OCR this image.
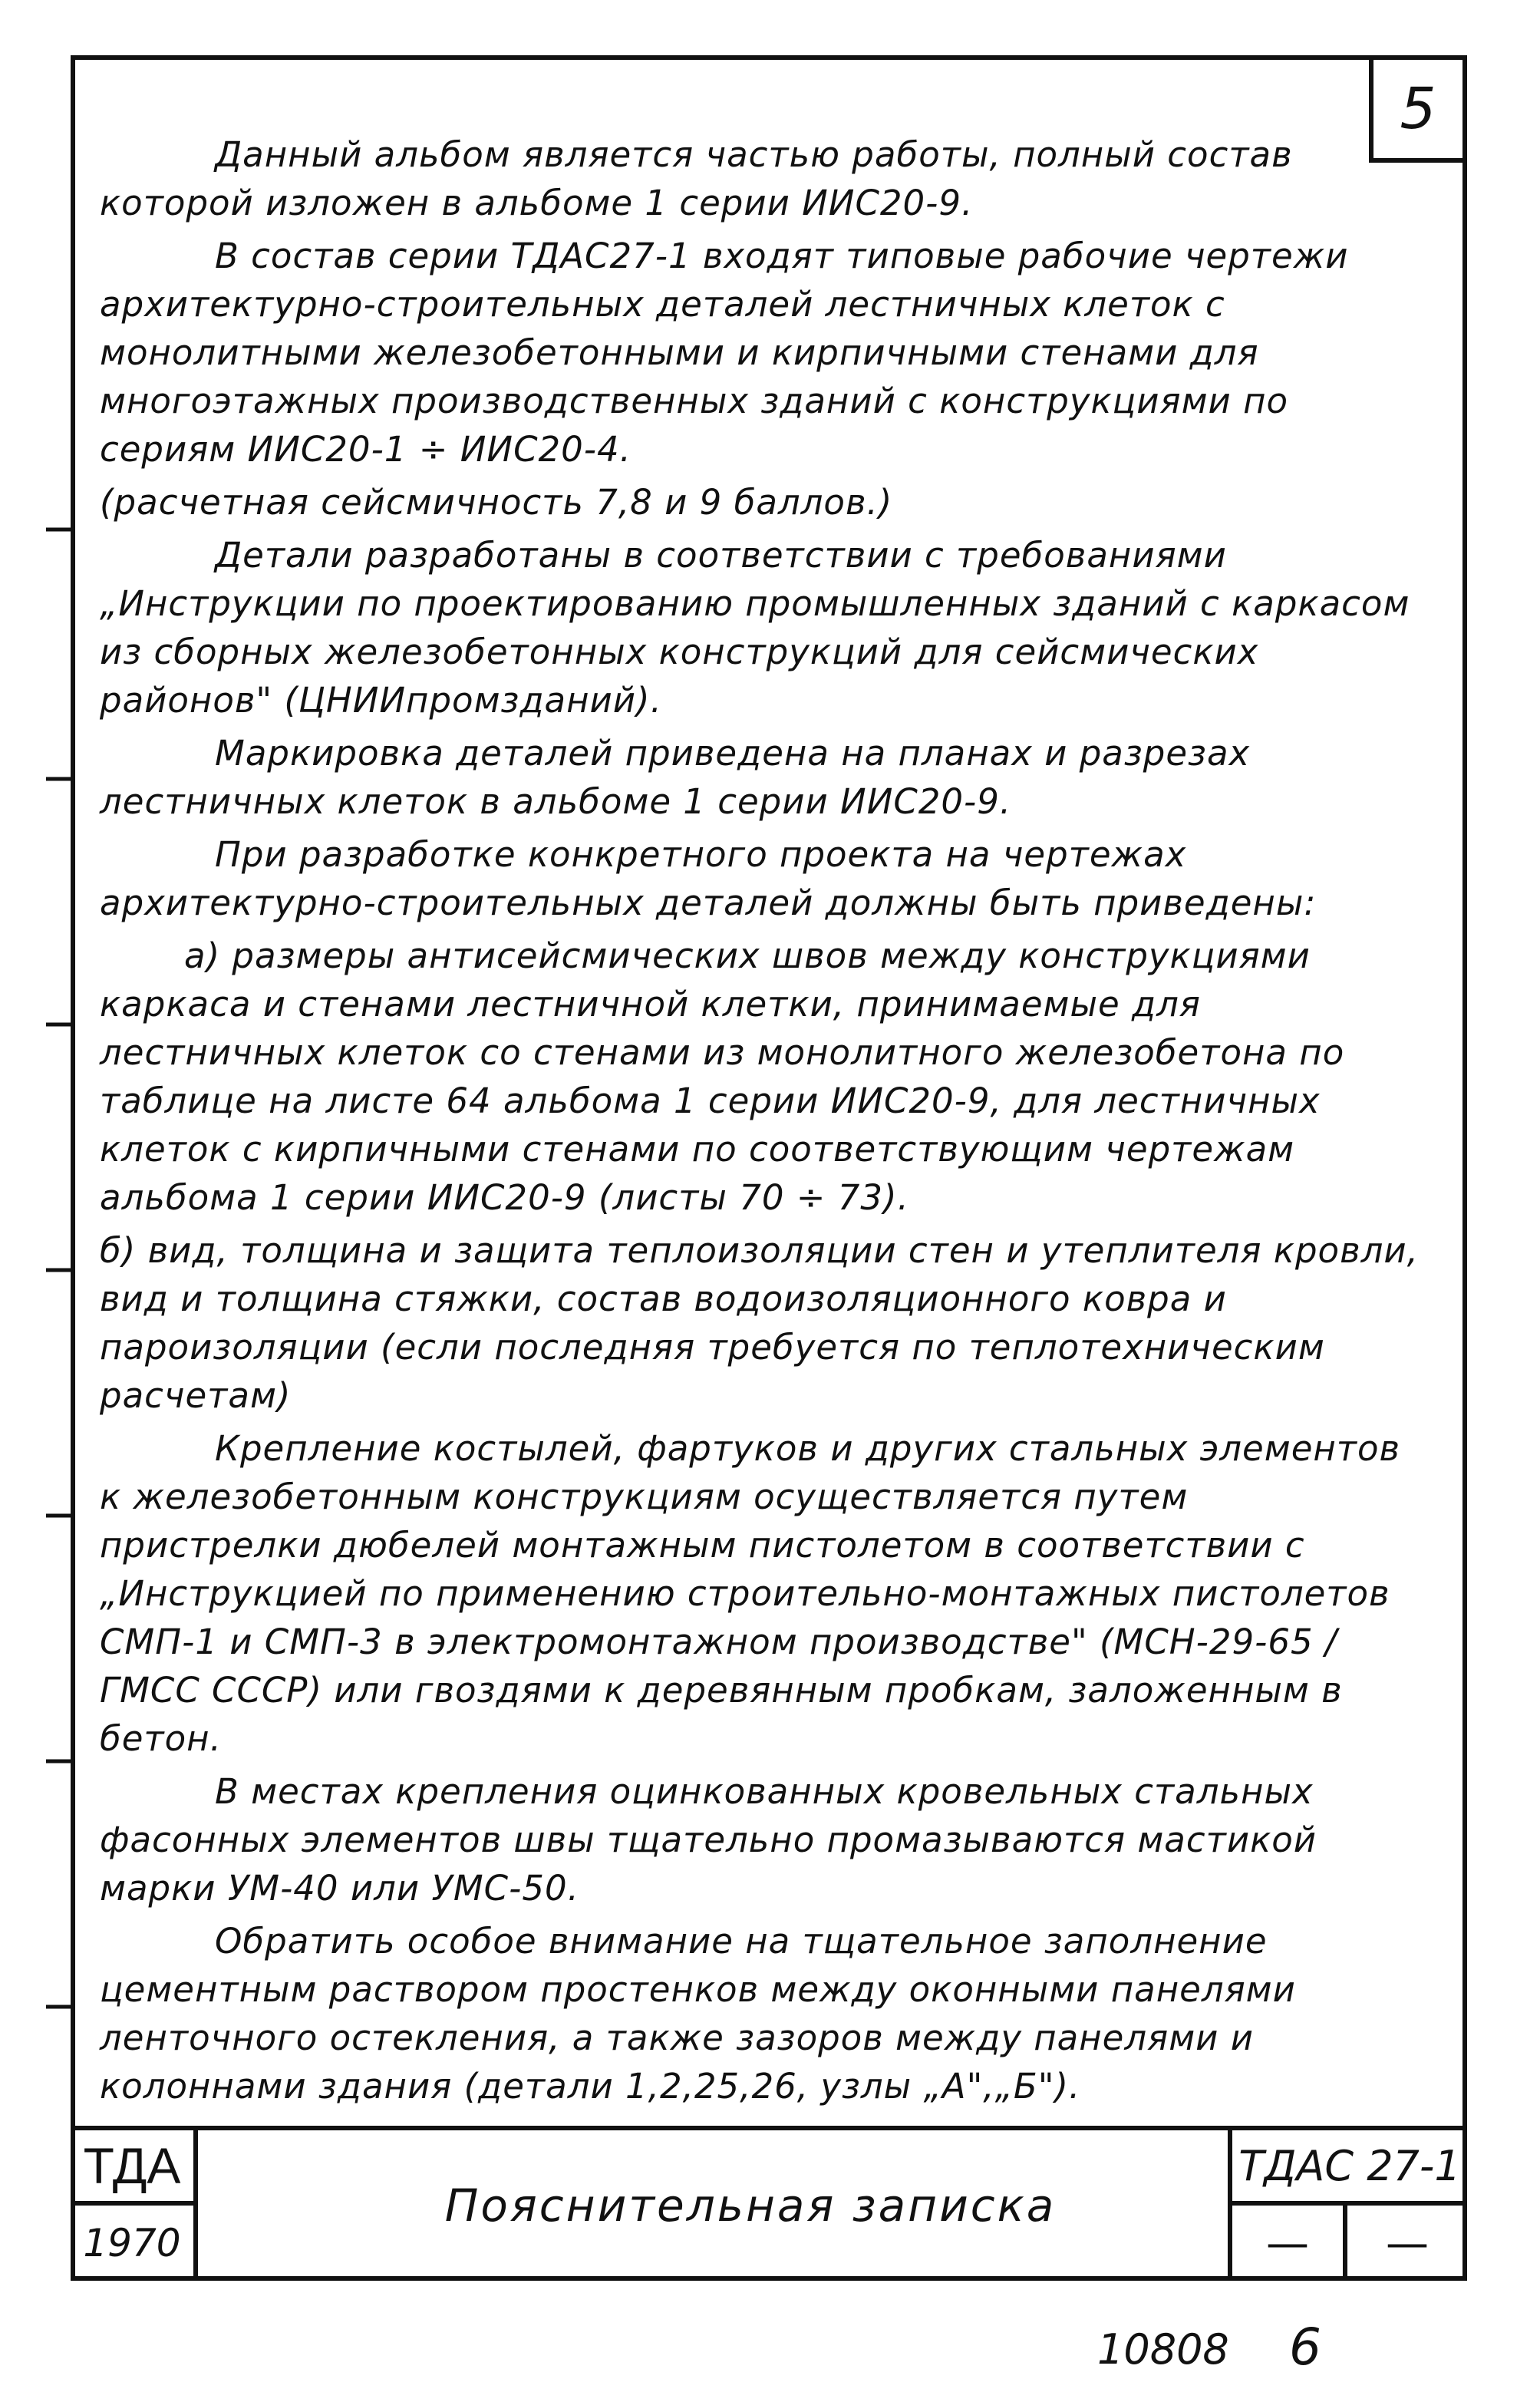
5

Данный альбом является частью работы, полный состав которой изложен в альбоме 1 серии ИИС20-9.

В состав серии ТДАС27-1 входят типовые рабочие чертежи архитектурно-строительных деталей лестничных клеток с монолитными железобетонными и кирпичными стенами для многоэтажных производственных зданий с конструкциями по сериям ИИС20-1 ÷ ИИС20-4.

(расчетная сейсмичность 7,8 и 9 баллов.)

Детали разработаны в соответствии с требованиями „Инструкции по проектированию промышленных зданий с каркасом из сборных железобетонных конструкций для сейсмических районов" (ЦНИИпромзданий).

Маркировка деталей приведена на планах и разрезах лестничных клеток в альбоме 1 серии ИИС20-9.

При разработке конкретного проекта на чертежах архитектурно-строительных деталей должны быть приведены:

а) размеры антисейсмических швов между конструкциями каркаса и стенами лестничной клетки, принимаемые для лестничных клеток со стенами из монолитного железобетона по таблице на листе 64 альбома 1 серии ИИС20-9, для лестничных клеток с кирпичными стенами по соответствующим чертежам альбома 1 серии ИИС20-9 (листы 70 ÷ 73).

б) вид, толщина и защита теплоизоляции стен и утеплителя кровли, вид и толщина стяжки, состав водоизоляционного ковра и пароизоляции (если последняя требуется по теплотехническим расчетам)

Крепление костылей, фартуков и других стальных элементов к железобетонным конструкциям осуществляется путем пристрелки дюбелей монтажным пистолетом в соответствии с „Инструкцией по применению строительно-монтажных пистолетов СМП-1 и СМП-3 в электромонтажном производстве" (МСН-29-65 / ГМСС СССР) или гвоздями к деревянным пробкам, заложенным в бетон.

В местах крепления оцинкованных кровельных стальных фасонных элементов швы тщательно промазываются мастикой марки УМ-40 или УМС-50.

Обратить особое внимание на тщательное заполнение цементным раствором простенков между оконными панелями ленточного остекления, а также зазоров между панелями и колоннами здания (детали 1,2,25,26, узлы „А",„Б").

ТДА
1970
Пояснительная записка
ТДАС 27-1
—	—
10808 6
